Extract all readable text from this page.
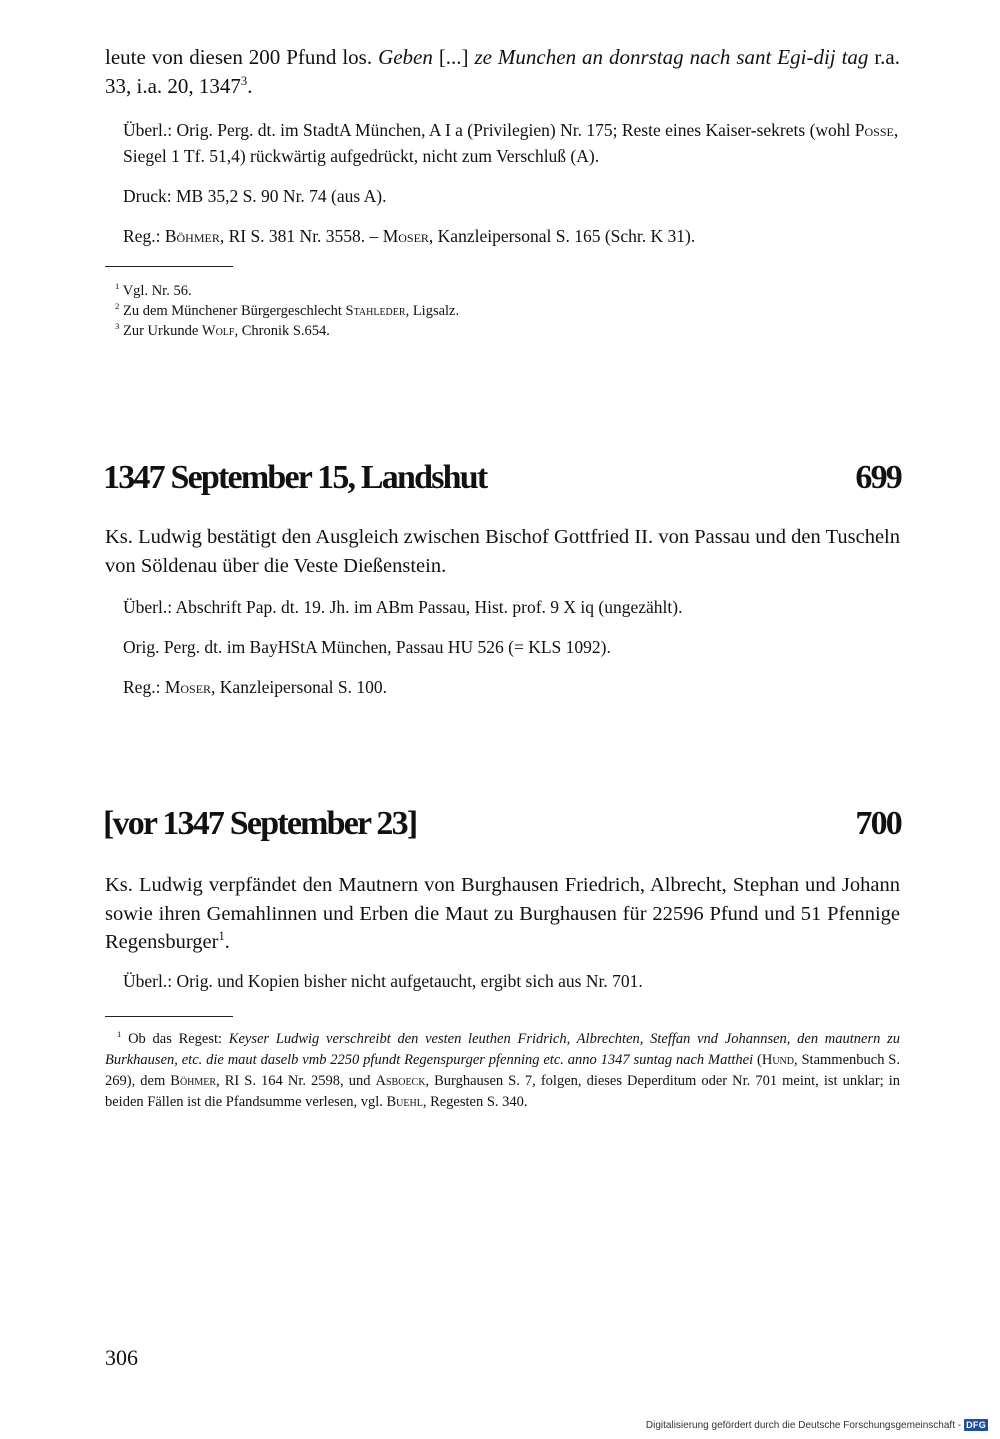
leute von diesen 200 Pfund los. Geben [...] ze Munchen an donrstag nach sant Egi-dij tag r.a. 33, i.a. 20, 1347$^3$.

Überl.: Orig. Perg. dt. im StadtA München, A I a (Privilegien) Nr. 175; Reste eines Kaiser-sekrets (wohl Posse, Siegel 1 Tf. 51,4) rückwärtig aufgedrückt, nicht zum Verschluß (A).

Druck: MB 35,2 S. 90 Nr. 74 (aus A).

Reg.: Böhmer, RI S. 381 Nr. 3558. – Moser, Kanzleipersonal S. 165 (Schr. K 31).

$^1$ Vgl. Nr. 56.
$^2$ Zu dem Münchener Bürgergeschlecht Stahleder, Ligsalz.
$^3$ Zur Urkunde Wolf, Chronik S.654.
1347 September 15, Landshut	699
Ks. Ludwig bestätigt den Ausgleich zwischen Bischof Gottfried II. von Passau und den Tuscheln von Söldenau über die Veste Dießenstein.

Überl.: Abschrift Pap. dt. 19. Jh. im ABm Passau, Hist. prof. 9 X iq (ungezählt).

Orig. Perg. dt. im BayHStA München, Passau HU 526 (= KLS 1092).

Reg.: Moser, Kanzleipersonal S. 100.

[vor 1347 September 23]	700
Ks. Ludwig verpfändet den Mautnern von Burghausen Friedrich, Albrecht, Stephan und Johann sowie ihren Gemahlinnen und Erben die Maut zu Burghausen für 22596 Pfund und 51 Pfennige Regensburger$^1$.

Überl.: Orig. und Kopien bisher nicht aufgetaucht, ergibt sich aus Nr. 701.

$^1$ Ob das Regest: Keyser Ludwig verschreibt den vesten leuthen Fridrich, Albrechten, Steffan vnd Johannsen, den mautnern zu Burkhausen, etc. die maut daselb vmb 2250 pfundt Regenspurger pfenning etc. anno 1347 suntag nach Matthei (Hund, Stammenbuch S. 269), dem Böhmer, RI S. 164 Nr. 2598, und Asboeck, Burghausen S. 7, folgen, dieses Deperditum oder Nr. 701 meint, ist unklar; in beiden Fällen ist die Pfandsumme verlesen, vgl. Buehl, Regesten S. 340.
306
Digitalisierung gefördert durch die Deutsche Forschungsgemeinschaft - DFG
